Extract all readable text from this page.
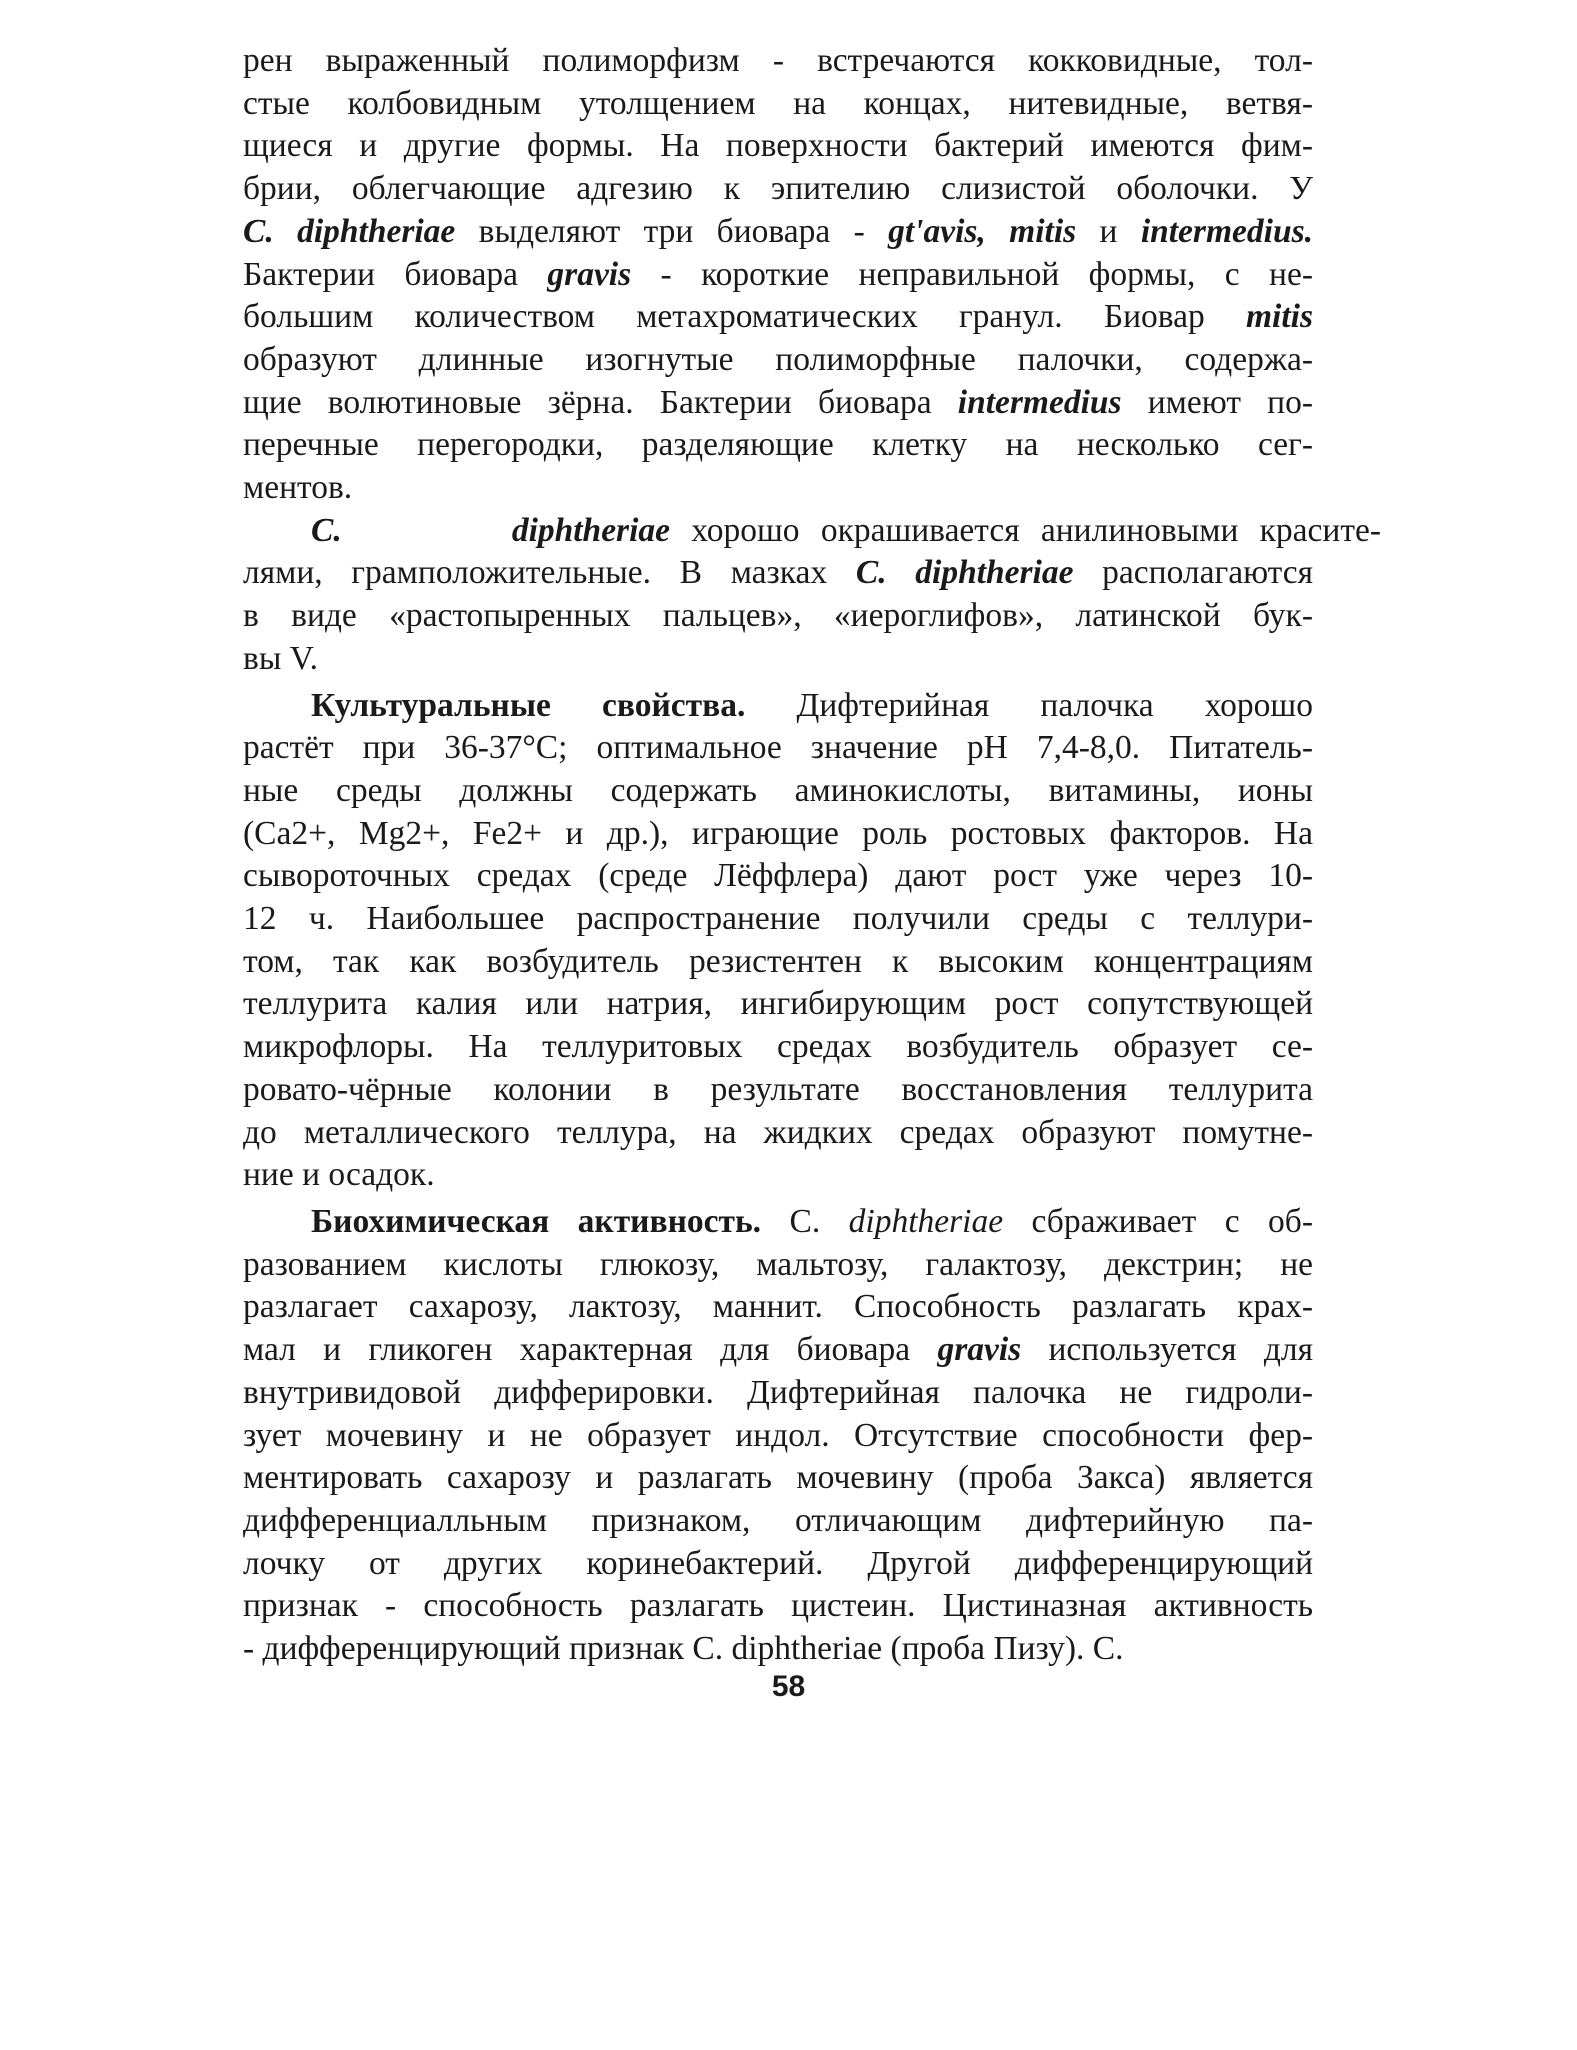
рен выраженный полиморфизм - встречаются кокковидные, тол-
стые колбовидным утолщением на концах, нитевидные, ветвя-
щиеся и другие формы. На поверхности бактерий имеются фим-
брии, облегчающие адгезию к эпителию слизистой оболочки. У
C. diphtheriae выделяют три биовара - gt'avis, mitis и intermedius.
Бактерии биовара gravis - короткие неправильной формы, с не-
большим количеством метахроматических гранул. Биовар mitis
образуют длинные изогнутые полиморфные палочки, содержа-
щие волютиновые зёрна. Бактерии биовара intermedius имеют по-
перечные перегородки, разделяющие клетку на несколько сег-
ментов.
C.	diphtheriae хорошо окрашивается анилиновыми красите-
лями, грамположительные. В мазках C. diphtheriae располагаются
в виде «растопыренных пальцев», «иероглифов», латинской бук-
вы V.
Культуральные свойства. Дифтерийная палочка хорошо
растёт при 36-37°С; оптимальное значение рН 7,4-8,0. Питатель-
ные среды должны содержать аминокислоты, витамины, ионы
(Са2+, Mg2+, Fe2+ и др.), играющие роль ростовых факторов. На
сывороточных средах (среде Лёффлера) дают рост уже через 10-
12 ч. Наибольшее распространение получили среды с теллури-
том, так как возбудитель резистентен к высоким концентрациям
теллурита калия или натрия, ингибирующим рост сопутствующей
микрофлоры. На теллуритовых средах возбудитель образует се-
ровато-чёрные колонии в результате восстановления теллурита
до металлического теллура, на жидких средах образуют помутне-
ние и осадок.
Биохимическая активность. C. diphtheriae сбраживает с об-
разованием кислоты глюкозу, мальтозу, галактозу, декстрин; не
разлагает сахарозу, лактозу, маннит. Способность разлагать крах-
мал и гликоген характерная для биовара gravis используется для
внутривидовой дифферировки. Дифтерийная палочка не гидроли-
зует мочевину и не образует индол. Отсутствие способности фер-
ментировать сахарозу и разлагать мочевину (проба Закса) является
дифференциалльным признаком, отличающим дифтерийную па-
лочку от других коринебактерий. Другой дифференцирующий
признак - способность разлагать цистеин. Цистиназная активность
- дифференцирующий признак C. diphtheriae (проба Пизу). С.
58
